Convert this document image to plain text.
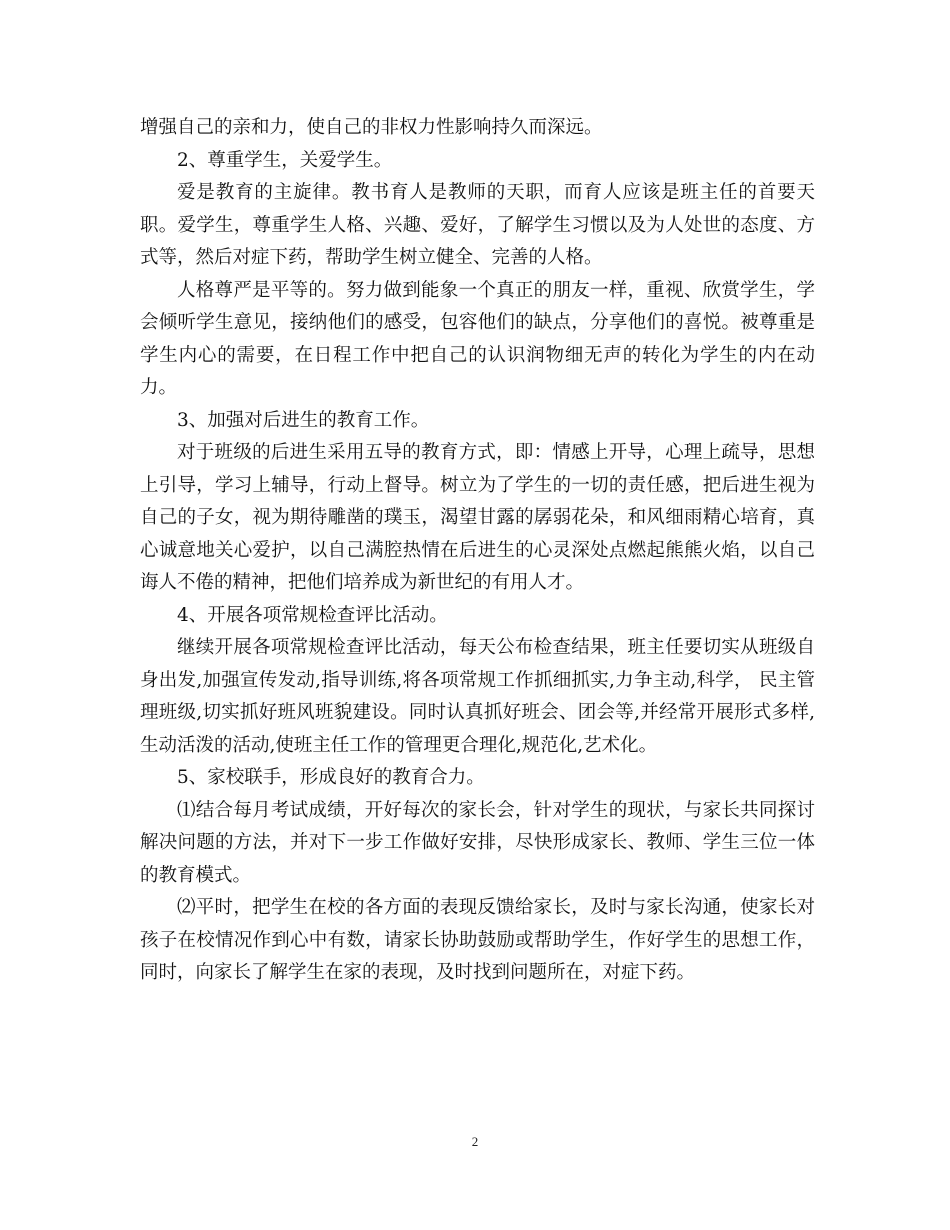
增强自己的亲和力，使自己的非权力性影响持久而深远。

2、尊重学生，关爱学生。

爱是教育的主旋律。教书育人是教师的天职，而育人应该是班主任的首要天职。爱学生，尊重学生人格、兴趣、爱好，了解学生习惯以及为人处世的态度、方式等，然后对症下药，帮助学生树立健全、完善的人格。

人格尊严是平等的。努力做到能象一个真正的朋友一样，重视、欣赏学生，学会倾听学生意见，接纳他们的感受，包容他们的缺点，分享他们的喜悦。被尊重是学生内心的需要，在日程工作中把自己的认识润物细无声的转化为学生的内在动力。

3、加强对后进生的教育工作。

对于班级的后进生采用五导的教育方式，即：情感上开导，心理上疏导，思想上引导，学习上辅导，行动上督导。树立为了学生的一切的责任感，把后进生视为自己的子女，视为期待雕凿的璞玉，渴望甘露的孱弱花朵，和风细雨精心培育，真心诚意地关心爱护，以自己满腔热情在后进生的心灵深处点燃起熊熊火焰，以自己诲人不倦的精神，把他们培养成为新世纪的有用人才。

4、开展各项常规检查评比活动。

继续开展各项常规检查评比活动，每天公布检查结果，班主任要切实从班级自身出发,加强宣传发动,指导训练,将各项常规工作抓细抓实,力争主动,科学， 民主管理班级,切实抓好班风班貌建设。同时认真抓好班会、团会等,并经常开展形式多样,生动活泼的活动,使班主任工作的管理更合理化,规范化,艺术化。

5、家校联手，形成良好的教育合力。

⑴结合每月考试成绩，开好每次的家长会，针对学生的现状，与家长共同探讨解决问题的方法，并对下一步工作做好安排，尽快形成家长、教师、学生三位一体的教育模式。

⑵平时，把学生在校的各方面的表现反馈给家长，及时与家长沟通，使家长对孩子在校情况作到心中有数，请家长协助鼓励或帮助学生，作好学生的思想工作，同时，向家长了解学生在家的表现，及时找到问题所在，对症下药。

2
